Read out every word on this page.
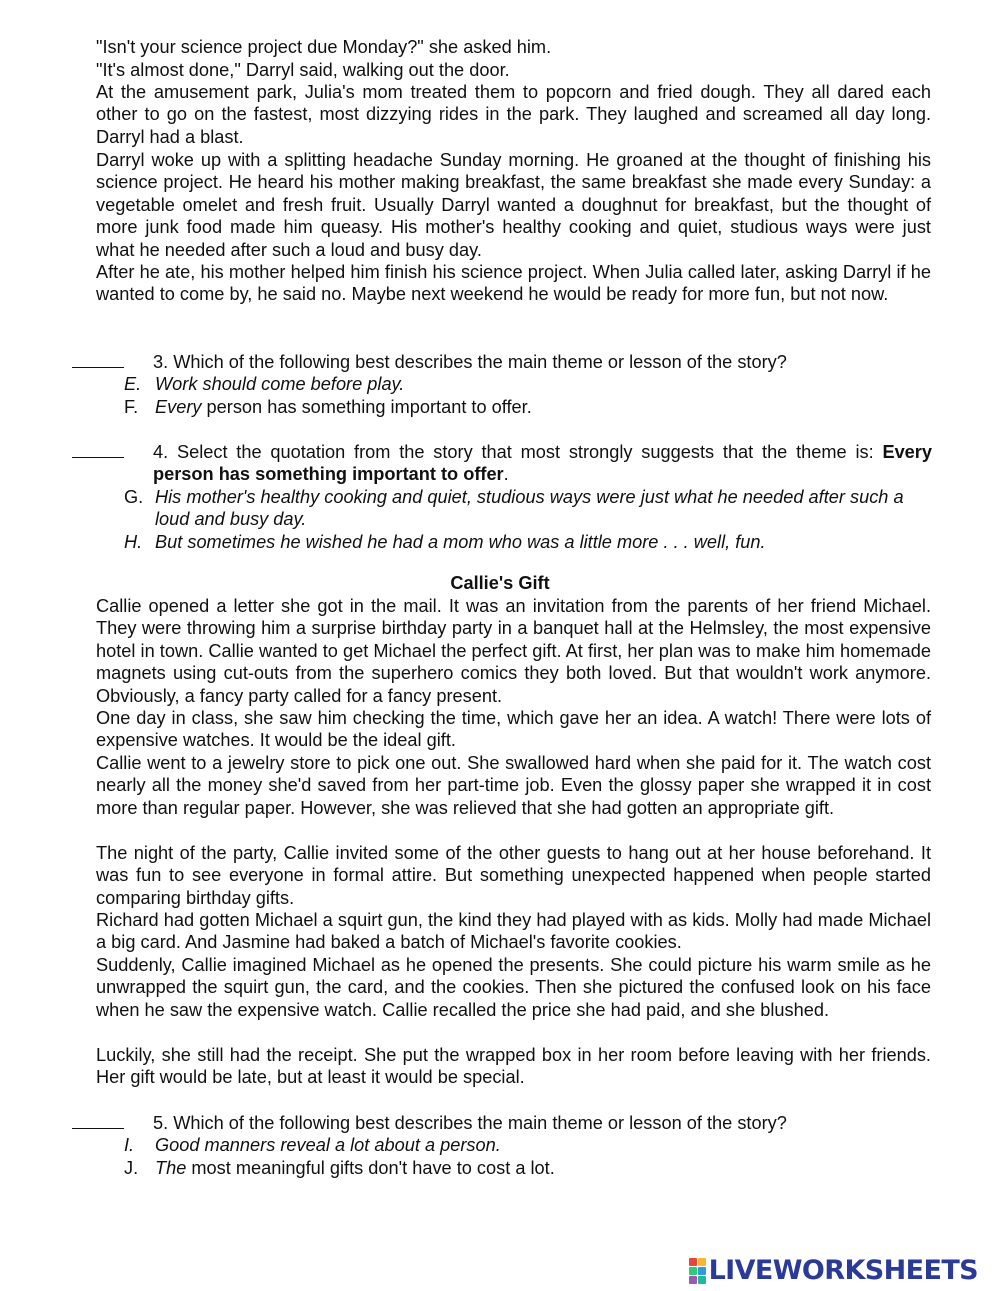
"Isn't your science project due Monday?" she asked him.

"It's almost done," Darryl said, walking out the door.

At the amusement park, Julia's mom treated them to popcorn and fried dough. They all dared each other to go on the fastest, most dizzying rides in the park. They laughed and screamed all day long. Darryl had a blast.

Darryl woke up with a splitting headache Sunday morning. He groaned at the thought of finishing his science project. He heard his mother making breakfast, the same breakfast she made every Sunday: a vegetable omelet and fresh fruit. Usually Darryl wanted a doughnut for breakfast, but the thought of more junk food made him queasy. His mother's healthy cooking and quiet, studious ways were just what he needed after such a loud and busy day.

After he ate, his mother helped him finish his science project. When Julia called later, asking Darryl if he wanted to come by, he said no. Maybe next weekend he would be ready for more fun, but not now.

3. Which of the following best describes the main theme or lesson of the story?
E. Work should come before play.
F. Every person has something important to offer.
4. Select the quotation from the story that most strongly suggests that the theme is: Every person has something important to offer.
G. His mother's healthy cooking and quiet, studious ways were just what he needed after such a loud and busy day.
H. But sometimes he wished he had a mom who was a little more . . . well, fun.
Callie's Gift

Callie opened a letter she got in the mail. It was an invitation from the parents of her friend Michael. They were throwing him a surprise birthday party in a banquet hall at the Helmsley, the most expensive hotel in town. Callie wanted to get Michael the perfect gift. At first, her plan was to make him homemade magnets using cut-outs from the superhero comics they both loved. But that wouldn't work anymore. Obviously, a fancy party called for a fancy present.

One day in class, she saw him checking the time, which gave her an idea. A watch! There were lots of expensive watches. It would be the ideal gift.

Callie went to a jewelry store to pick one out. She swallowed hard when she paid for it. The watch cost nearly all the money she'd saved from her part-time job. Even the glossy paper she wrapped it in cost more than regular paper. However, she was relieved that she had gotten an appropriate gift.

The night of the party, Callie invited some of the other guests to hang out at her house beforehand. It was fun to see everyone in formal attire. But something unexpected happened when people started comparing birthday gifts.

Richard had gotten Michael a squirt gun, the kind they had played with as kids. Molly had made Michael a big card. And Jasmine had baked a batch of Michael's favorite cookies.

Suddenly, Callie imagined Michael as he opened the presents. She could picture his warm smile as he unwrapped the squirt gun, the card, and the cookies. Then she pictured the confused look on his face when he saw the expensive watch. Callie recalled the price she had paid, and she blushed.

Luckily, she still had the receipt. She put the wrapped box in her room before leaving with her friends. Her gift would be late, but at least it would be special.

5. Which of the following best describes the main theme or lesson of the story?
I.	Good manners reveal a lot about a person.
J. The most meaningful gifts don't have to cost a lot.
LIVEWORKSHEETS
